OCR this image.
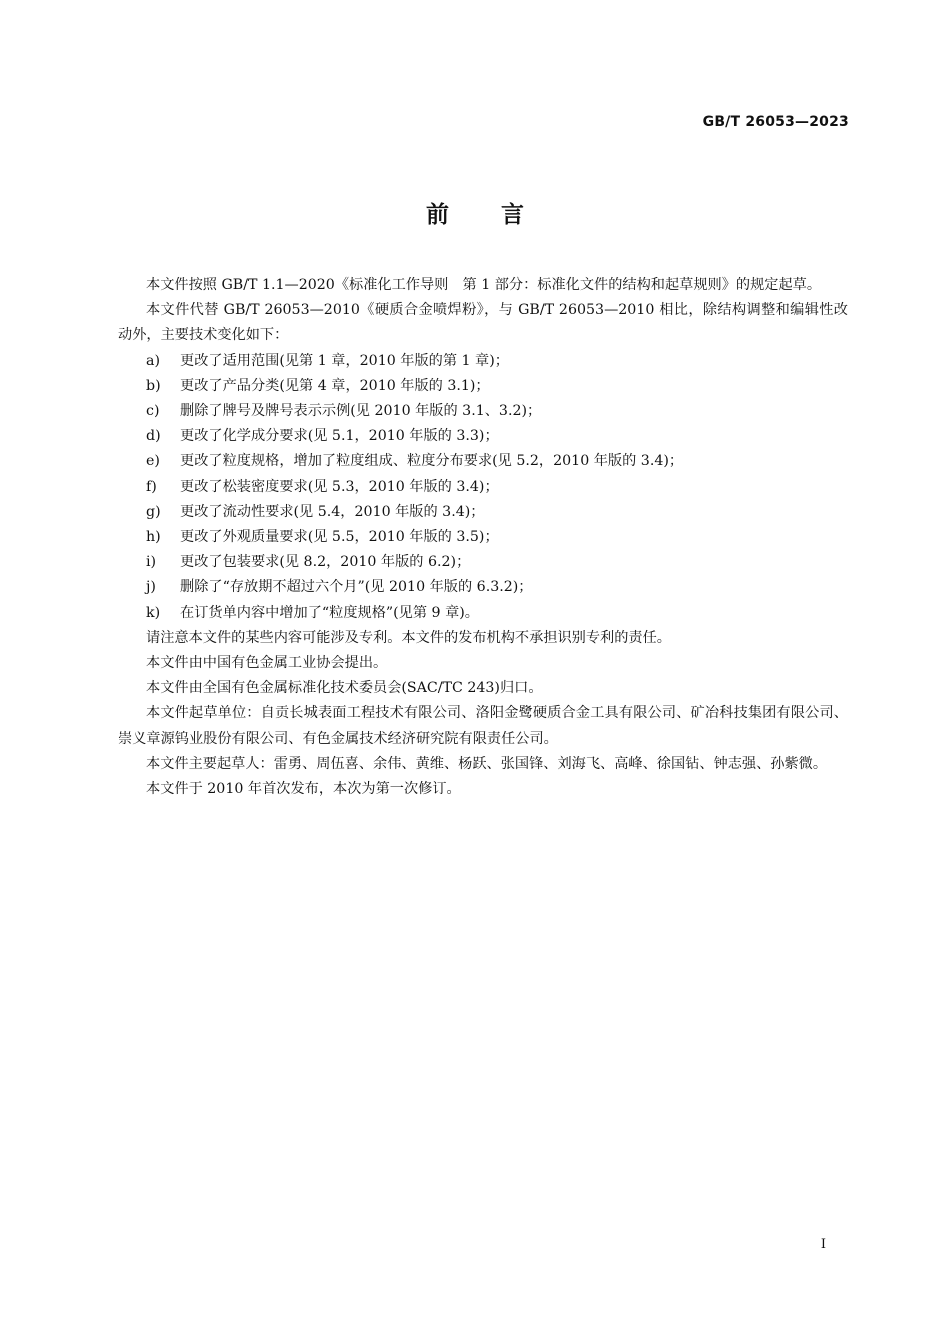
GB/T 26053—2023
前言

本文件按照 GB/T 1.1—2020《标准化工作导则　第 1 部分：标准化文件的结构和起草规则》的规定起草。

本文件代替 GB/T 26053—2010《硬质合金喷焊粉》，与 GB/T 26053—2010 相比，除结构调整和编辑性改动外，主要技术变化如下：

a)	更改了适用范围(见第 1 章，2010 年版的第 1 章)；

b)	更改了产品分类(见第 4 章，2010 年版的 3.1)；

c)	删除了牌号及牌号表示示例(见 2010 年版的 3.1、3.2)；

d)	更改了化学成分要求(见 5.1，2010 年版的 3.3)；

e)	更改了粒度规格，增加了粒度组成、粒度分布要求(见 5.2，2010 年版的 3.4)；

f)	更改了松装密度要求(见 5.3，2010 年版的 3.4)；

g)	更改了流动性要求(见 5.4，2010 年版的 3.4)；

h)	更改了外观质量要求(见 5.5，2010 年版的 3.5)；

i)	更改了包装要求(见 8.2，2010 年版的 6.2)；

j)	删除了“存放期不超过六个月”(见 2010 年版的 6.3.2)；

k)	在订货单内容中增加了“粒度规格”(见第 9 章)。

请注意本文件的某些内容可能涉及专利。本文件的发布机构不承担识别专利的责任。

本文件由中国有色金属工业协会提出。

本文件由全国有色金属标准化技术委员会(SAC/TC 243)归口。

本文件起草单位：自贡长城表面工程技术有限公司、洛阳金鹭硬质合金工具有限公司、矿冶科技集团有限公司、崇义章源钨业股份有限公司、有色金属技术经济研究院有限责任公司。

本文件主要起草人：雷勇、周伍喜、余伟、黄维、杨跃、张国锋、刘海飞、高峰、徐国钻、钟志强、孙紫微。

本文件于 2010 年首次发布，本次为第一次修订。

I
